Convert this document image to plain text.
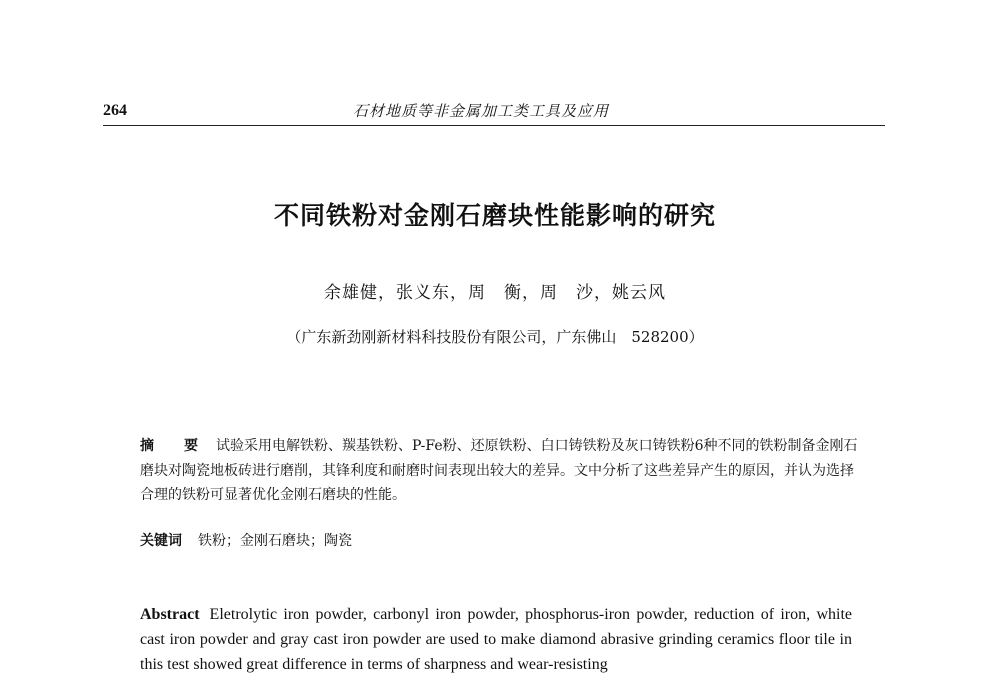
264	石材地质等非金属加工类工具及应用
不同铁粉对金刚石磨块性能影响的研究
余雄健，张义东，周　衡，周　沙，姚云风
（广东新劲刚新材料科技股份有限公司，广东佛山　528200）
摘　要 试验采用电解铁粉、羰基铁粉、P-Fe粉、还原铁粉、白口铸铁粉及灰口铸铁粉6种不同的铁粉制备金刚石磨块对陶瓷地板砖进行磨削，其锋利度和耐磨时间表现出较大的差异。文中分析了这些差异产生的原因，并认为选择合理的铁粉可显著优化金刚石磨块的性能。
关键词 铁粉；金刚石磨块；陶瓷
Abstract Eletrolytic iron powder, carbonyl iron powder, phosphorus-iron powder, reduction of iron, white cast iron powder and gray cast iron powder are used to make diamond abrasive grinding ceramics floor tile in this test showed great difference in terms of sharpness and wear-resisting
